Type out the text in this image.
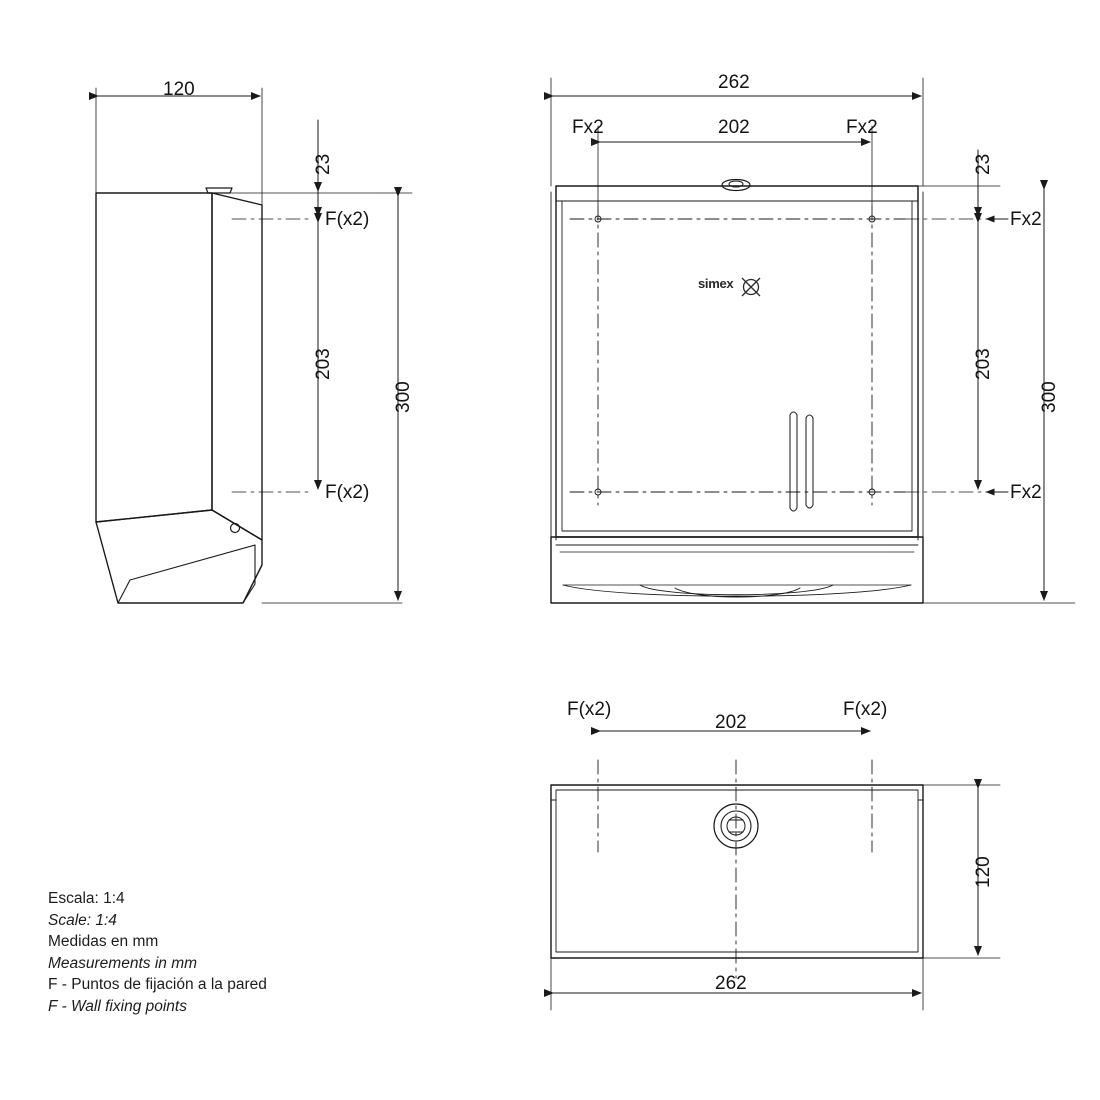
120
23
203
300
F(x2)
F(x2)
262
202
Fx2	Fx2
23
203
300
Fx2
Fx2
simex
202
F(x2)	F(x2)
120
262
Escala: 1:4
Scale: 1:4
Medidas en mm
Measurements in mm
F - Puntos de fijación a la pared
F - Wall fixing points
